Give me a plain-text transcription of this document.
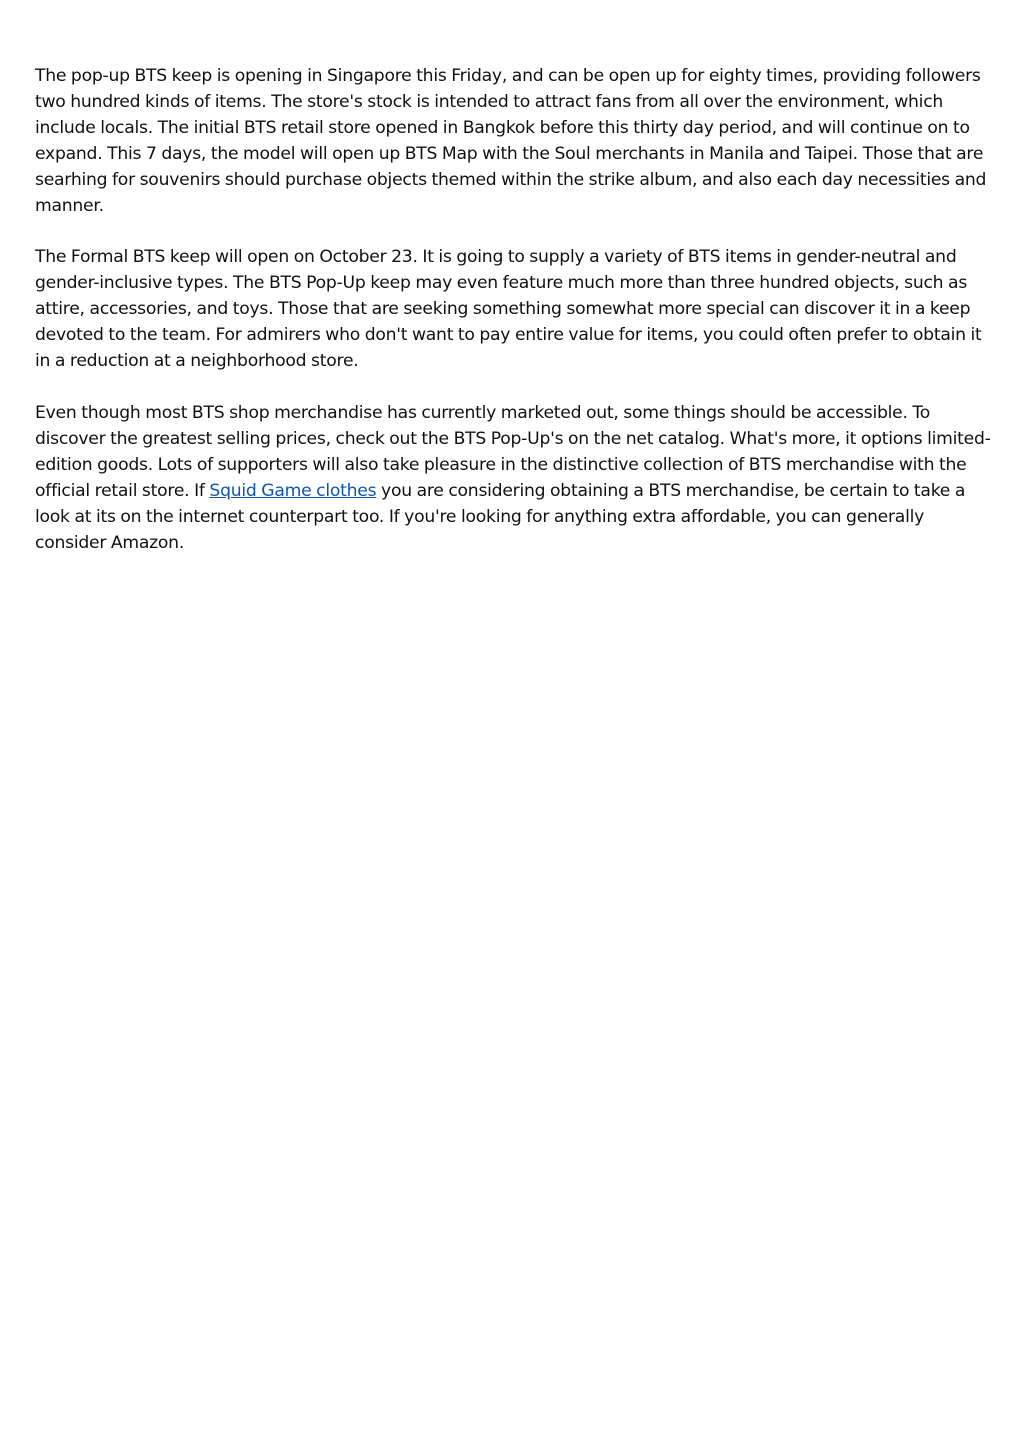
The pop-up BTS keep is opening in Singapore this Friday, and can be open up for eighty times, providing followers two hundred kinds of items. The store's stock is intended to attract fans from all over the environment, which include locals. The initial BTS retail store opened in Bangkok before this thirty day period, and will continue on to expand. This 7 days, the model will open up BTS Map with the Soul merchants in Manila and Taipei. Those that are searhing for souvenirs should purchase objects themed within the strike album, and also each day necessities and manner.

The Formal BTS keep will open on October 23. It is going to supply a variety of BTS items in gender-neutral and gender-inclusive types. The BTS Pop-Up keep may even feature much more than three hundred objects, such as attire, accessories, and toys. Those that are seeking something somewhat more special can discover it in a keep devoted to the team. For admirers who don't want to pay entire value for items, you could often prefer to obtain it in a reduction at a neighborhood store.

Even though most BTS shop merchandise has currently marketed out, some things should be accessible. To discover the greatest selling prices, check out the BTS Pop-Up's on the net catalog. What's more, it options limited-edition goods. Lots of supporters will also take pleasure in the distinctive collection of BTS merchandise with the official retail store. If Squid Game clothes you are considering obtaining a BTS merchandise, be certain to take a look at its on the internet counterpart too. If you're looking for anything extra affordable, you can generally consider Amazon.
